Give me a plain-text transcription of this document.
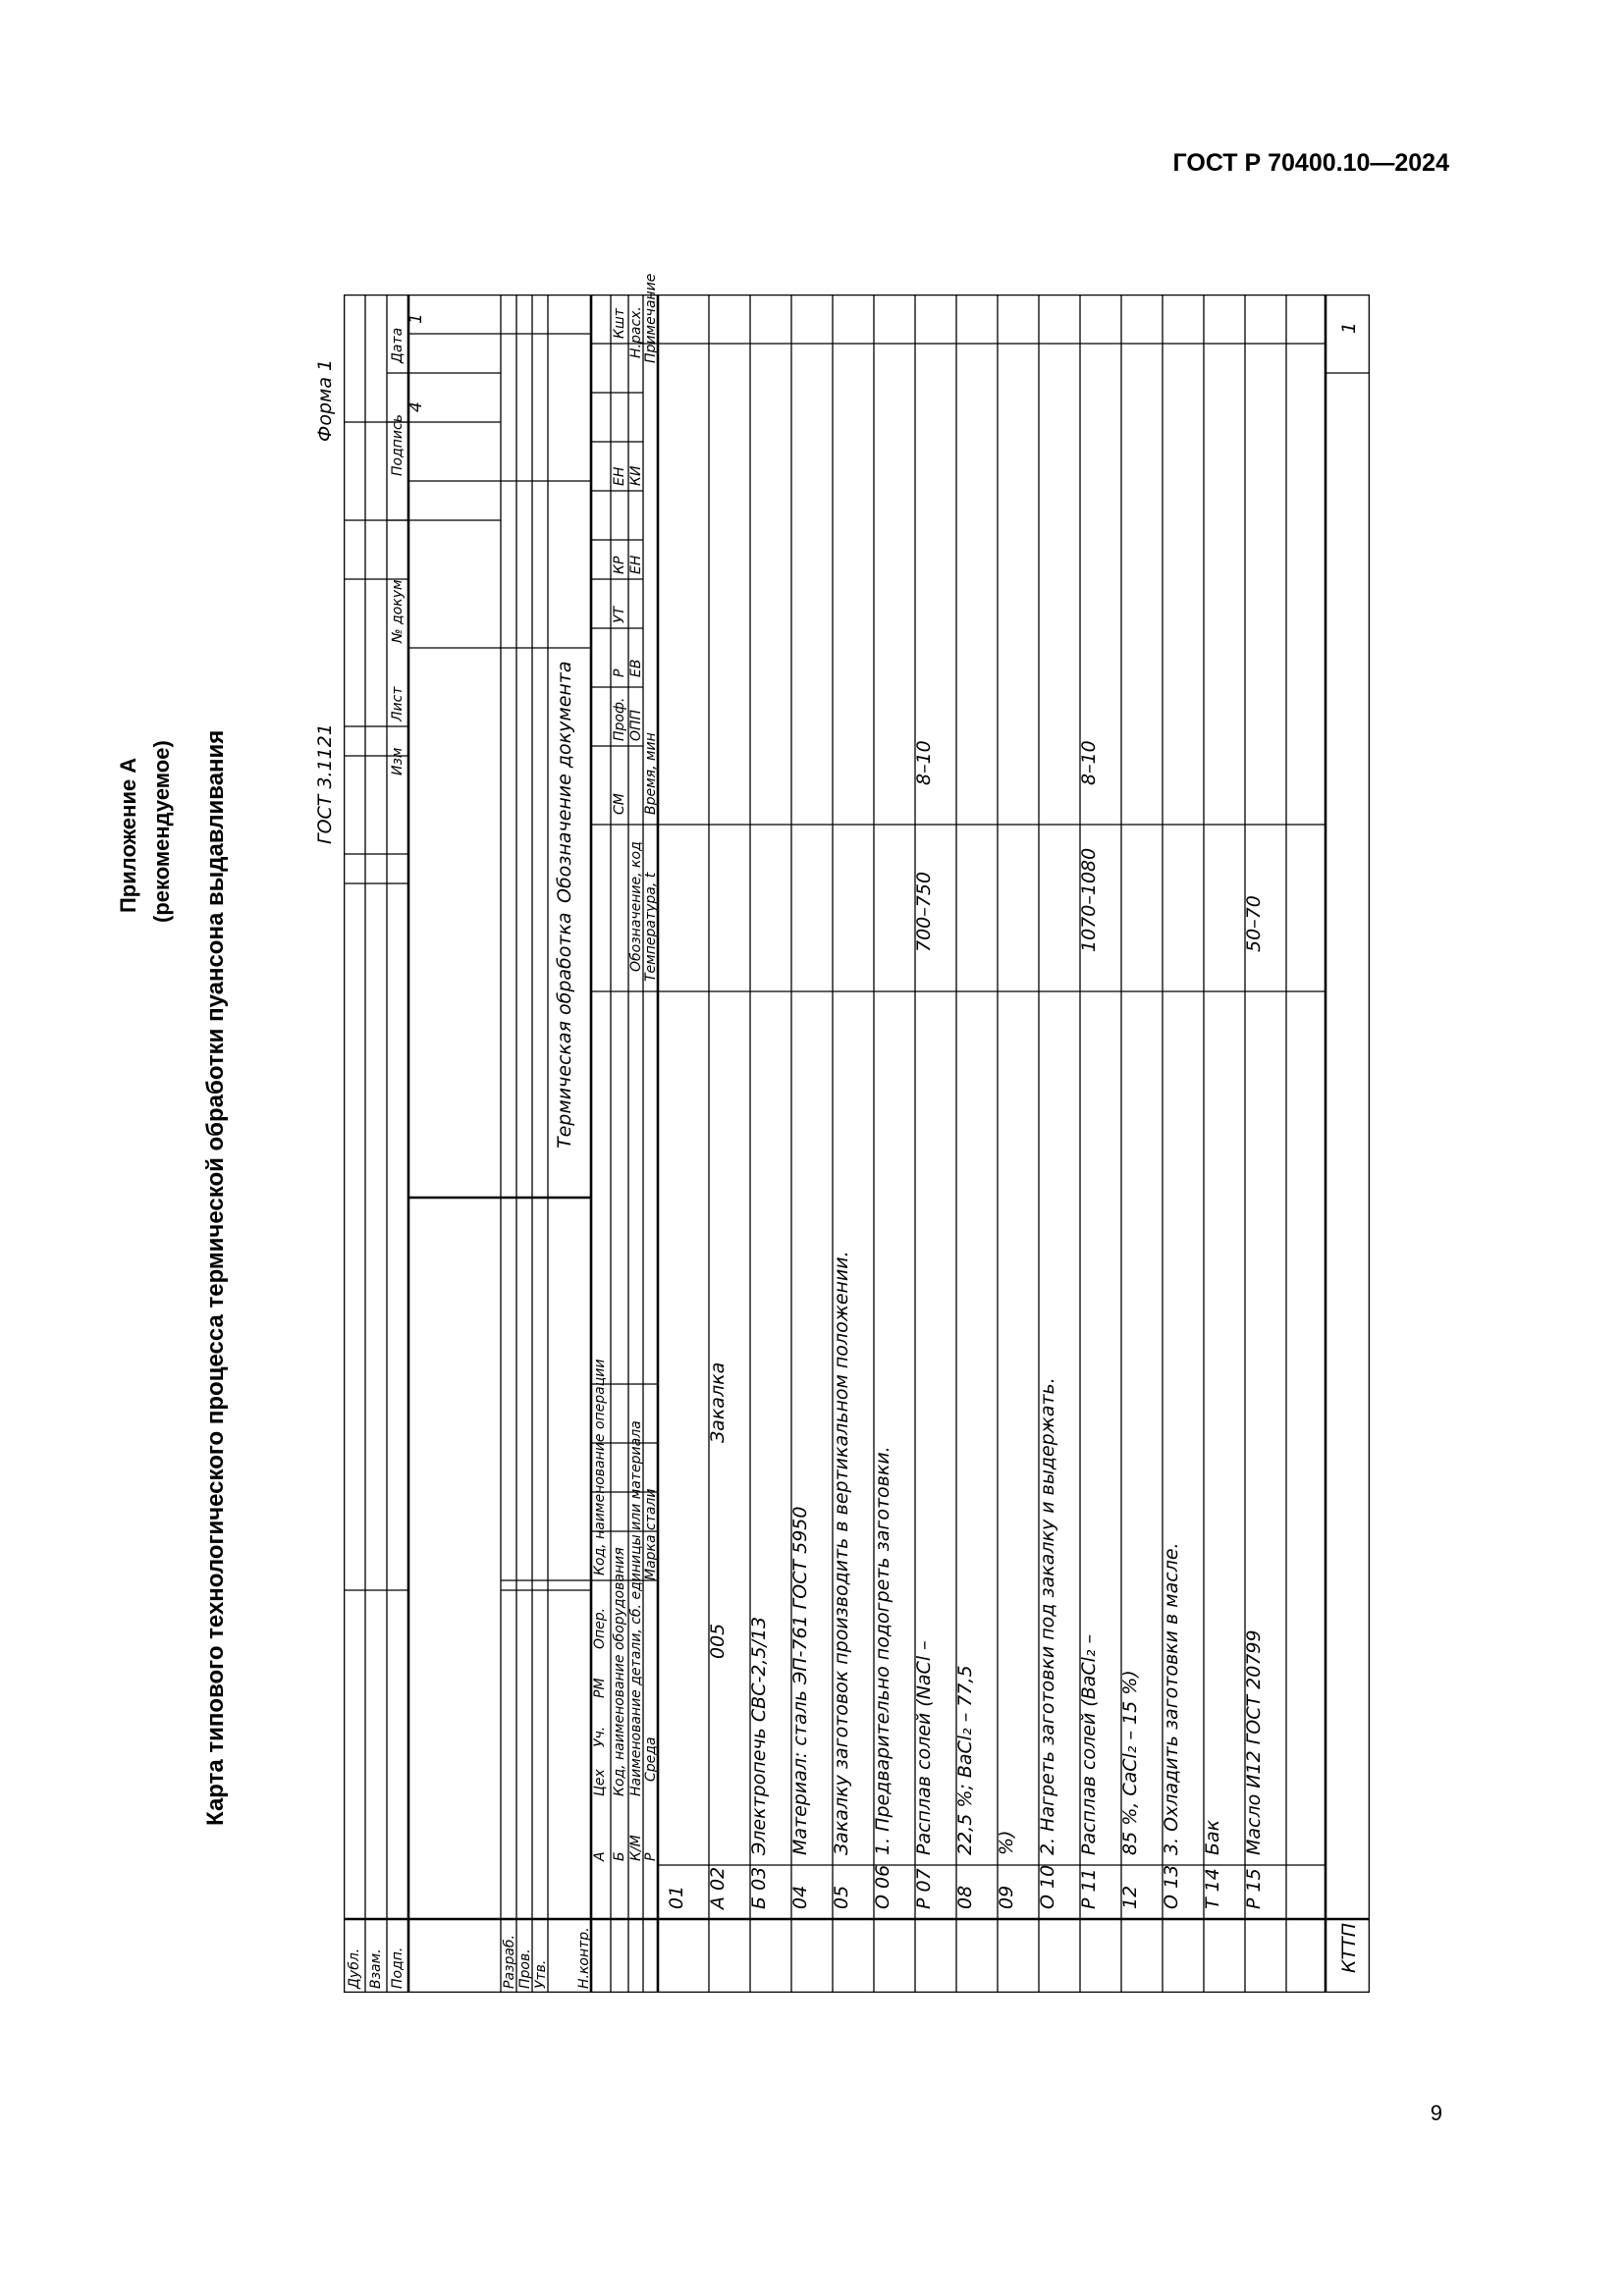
ГОСТ Р 70400.10—2024
Приложение А (рекомендуемое) Карта типового технологического процесса термической обработки пуансона выдавливания
Дубл. Взам. Подп.	Разраб. Пров. Утв. Н.контр.
ГОСТ 3.1121
Форма 1
Изм
Лист
№ докум
Подпись
Дата
4
1
Термическая обработка
Обозначение документа
А Б К/М Р
Цех
Уч.
РМ
Опер.
Код, наименование операции
Код, наименование оборудования
СМ
Проф.
Р
УТ
КР
ЕН
Кшт
Наименование детали, сб. единицы или материала
Обозначение, код
ОПП
ЕВ
ЕН
КИ
Н.расх.
Среда
Марка стали
Температура, t
Время, мин
Примечание
01 А 02
005
Закалка
Б 03
Электропечь СВС-2,5/13
04
Материал: сталь ЭП-761 ГОСТ 5950
05
Закалку заготовок производить в вертикальном положении.
О 06
1. Предварительно подогреть заготовки.
Р 07
Расплав солей (NaCl –
700–750
8–10
08
22,5 %; BaCl₂ – 77,5
09
%)
О 10
2. Нагреть заготовки под закалку и выдержать.
Р 11
Расплав солей (BaCl₂ –
1070–1080
8–10
12
85 %, CaCl₂ – 15 %)
О 13
3. Охладить заготовки в масле.
Т 14
Бак
Р 15
Масло И12 ГОСТ 20799
50–70
КТТП
1
9
